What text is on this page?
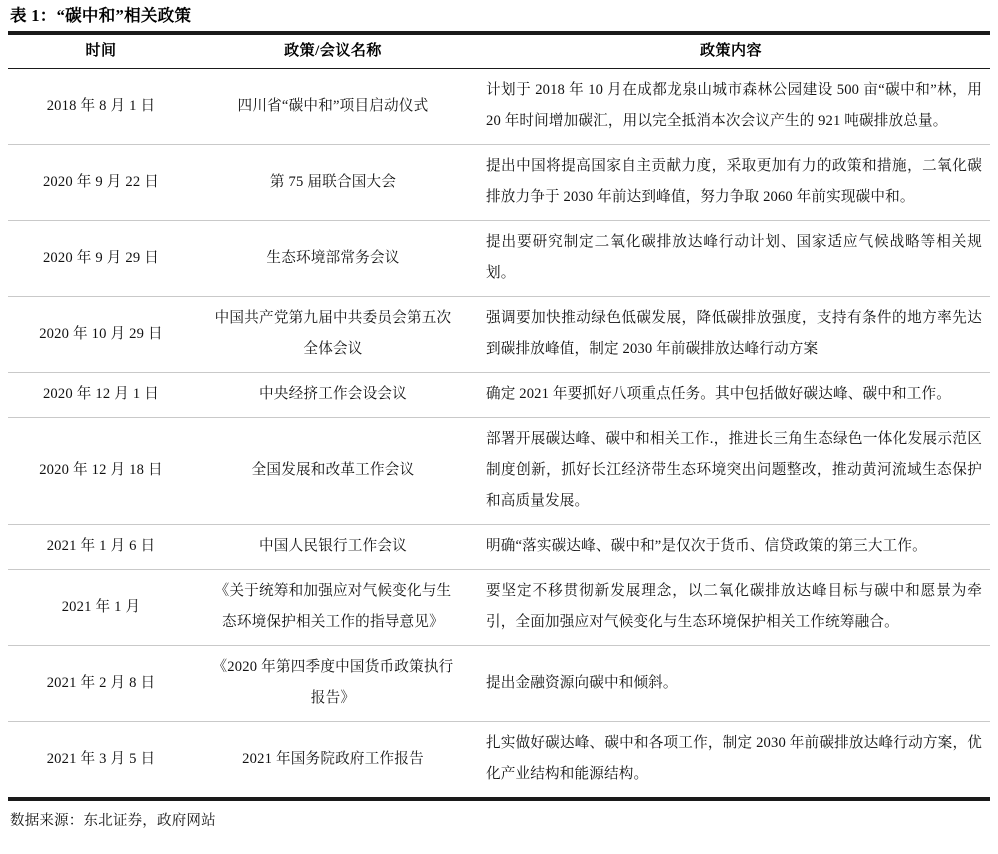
表 1：“碳中和”相关政策
时间	政策/会议名称	政策内容
2018 年 8 月 1 日	四川省“碳中和”项目启动仪式	计划于 2018 年 10 月在成都龙泉山城市森林公园建设 500 亩“碳中和”林，用 20 年时间增加碳汇，用以完全抵消本次会议产生的 921 吨碳排放总量。
2020 年 9 月 22 日	第 75 届联合国大会	提出中国将提高国家自主贡献力度，采取更加有力的政策和措施，二氧化碳排放力争于 2030 年前达到峰值，努力争取 2060 年前实现碳中和。
2020 年 9 月 29 日	生态环境部常务会议	提出要研究制定二氧化碳排放达峰行动计划、国家适应气候战略等相关规划。
2020 年 10 月 29 日	中国共产党第九届中共委员会第五次全体会议	强调要加快推动绿色低碳发展，降低碳排放强度，支持有条件的地方率先达到碳排放峰值，制定 2030 年前碳排放达峰行动方案
2020 年 12 月 1 日	中央经挤工作会设会议	确定 2021 年要抓好八项重点任务。其中包括做好碳达峰、碳中和工作。
2020 年 12 月 18 日	全国发展和改革工作会议	部署开展碳达峰、碳中和相关工作.，推进长三角生态绿色一体化发展示范区制度创新，抓好长江经济带生态环境突出问题整改，推动黄河流域生态保护和高质量发展。
2021 年 1 月 6 日	中国人民银行工作会议	明确“落实碳达峰、碳中和”是仅次于货币、信贷政策的第三大工作。
2021 年 1 月	《关于统筹和加强应对气候变化与生态环境保护相关工作的指导意见》	要坚定不移贯彻新发展理念，以二氧化碳排放达峰目标与碳中和愿景为牵引，全面加强应对气候变化与生态环境保护相关工作统筹融合。
2021 年 2 月 8 日	《2020 年第四季度中国货币政策执行报告》	提出金融资源向碳中和倾斜。
2021 年 3 月 5 日	2021 年国务院政府工作报告	扎实做好碳达峰、碳中和各项工作，制定 2030 年前碳排放达峰行动方案，优化产业结构和能源结构。
数据来源：东北证券，政府网站
